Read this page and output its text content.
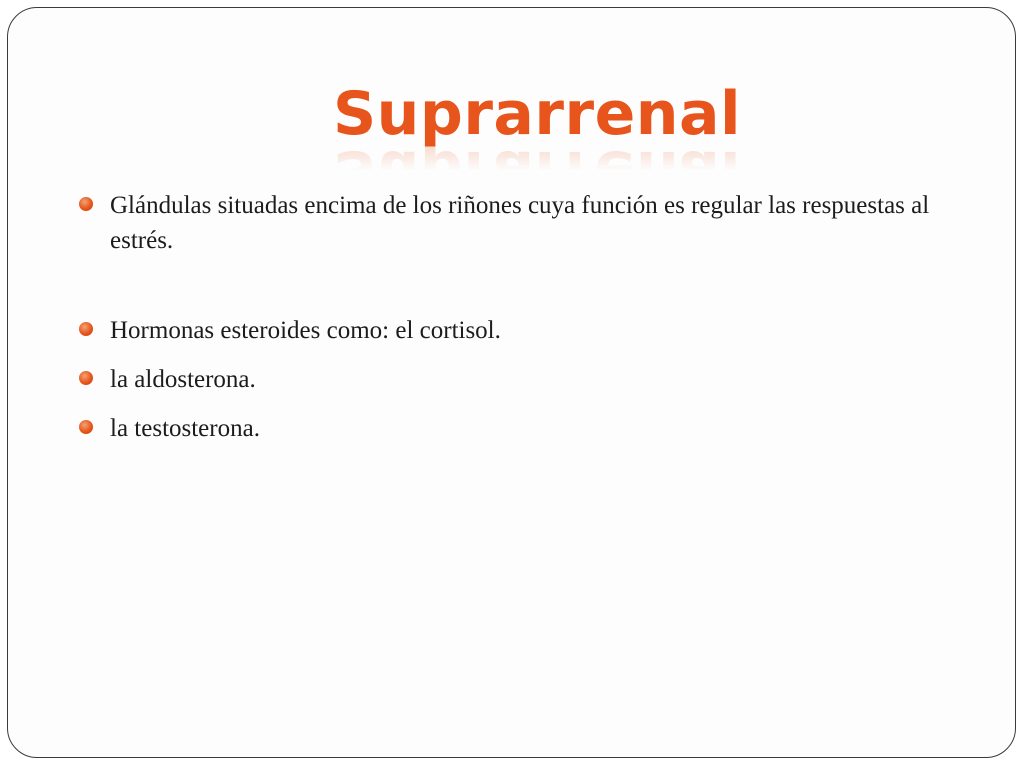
Suprarrenal
Glándulas situadas encima de los riñones cuya función es regular las respuestas al estrés.
Hormonas esteroides como: el cortisol.
la aldosterona.
la testosterona.
